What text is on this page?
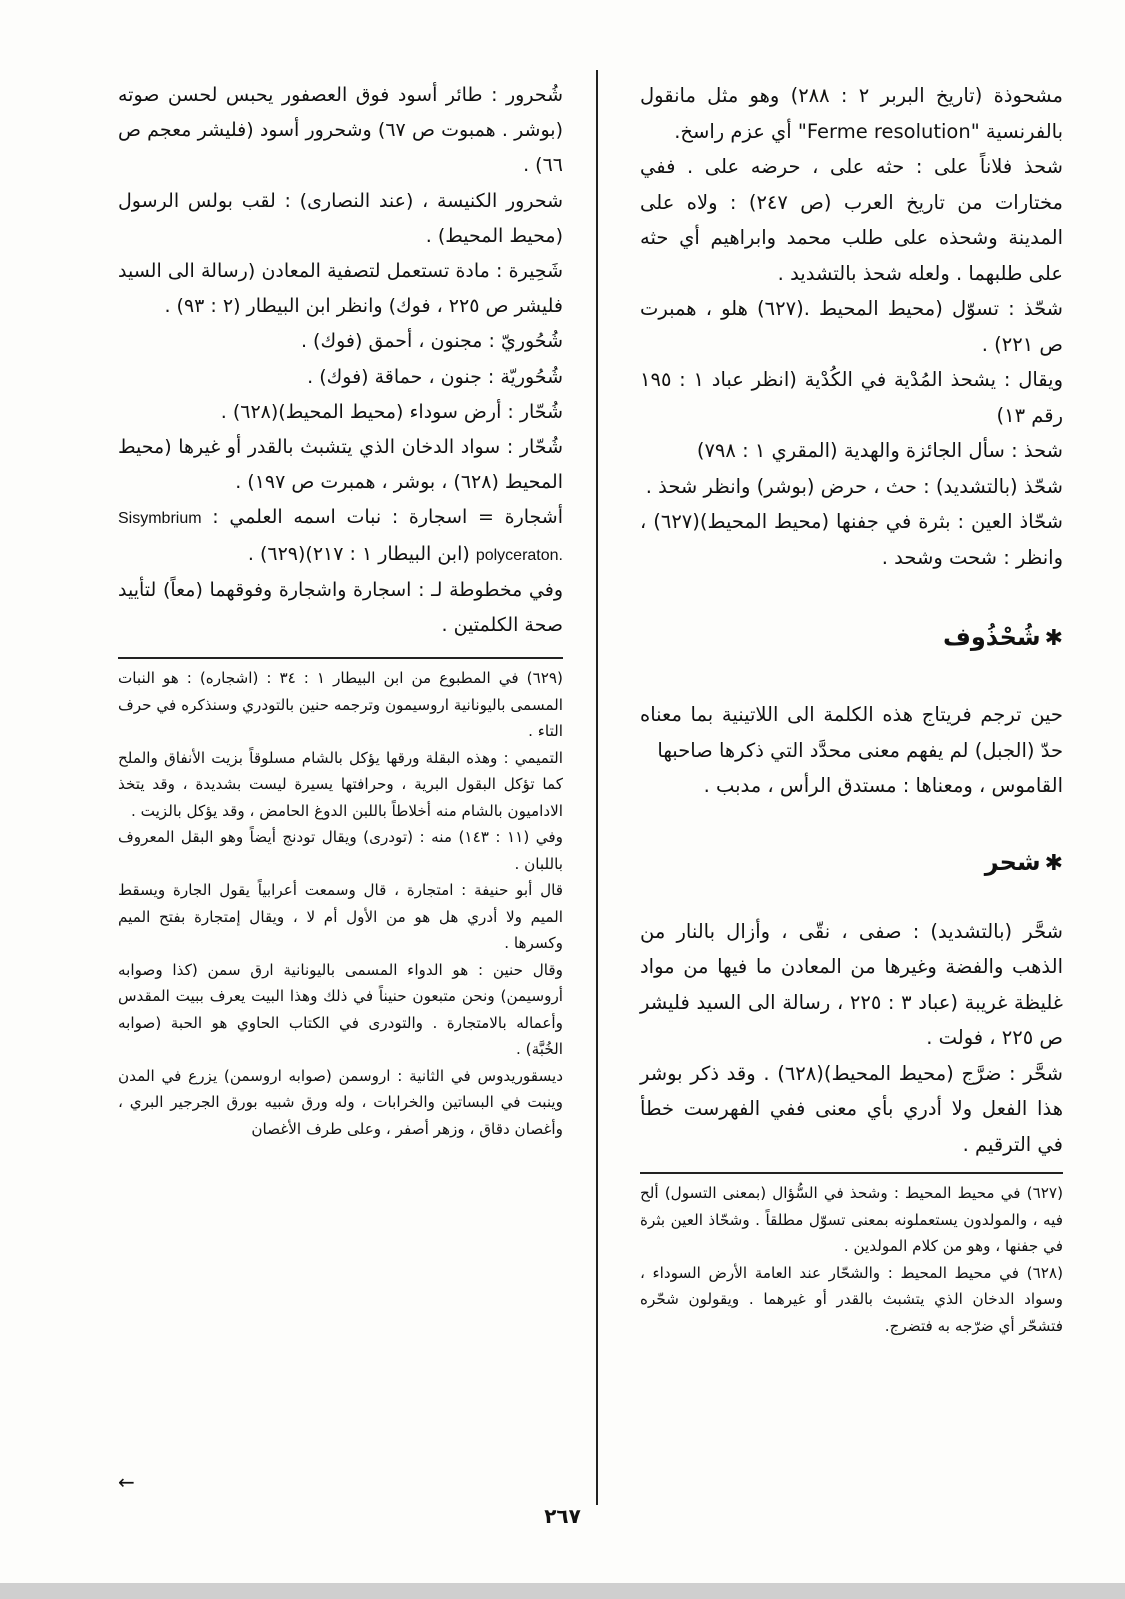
مشحوذة (تاريخ البربر ٢ : ٢٨٨) وهو مثل مانقول بالفرنسية "Ferme resolution" أي عزم راسخ.

شحذ فلاناً على : حثه على ، حرضه على . ففي مختارات من تاريخ العرب (ص ٢٤٧) : ولاه على المدينة وشحذه على طلب محمد وابراهيم أي حثه على طلبهما . ولعله شحذ بالتشديد .

شحّذ : تسوّل (محيط المحيط .(٦٢٧) هلو ، همبرت ص ٢٢١) .

ويقال : يشحذ المُدْية في الكُدْية (انظر عباد ١ : ١٩٥ رقم ١٣)

شحذ : سأل الجائزة والهدية (المقري ١ : ٧٩٨)

شحّذ (بالتشديد) : حث ، حرض (بوشر) وانظر شحذ .

شحّاذ العين : بثرة في جفنها (محيط المحيط)(٦٢٧) ، وانظر : شحت وشحد .

✱شُحْذُوف

حين ترجم فريتاج هذه الكلمة الى اللاتينية بما معناه حدّ (الجبل) لم يفهم معنى محدَّد التي ذكرها صاحبها

القاموس ، ومعناها : مستدق الرأس ، مدبب .

✱شحر

شحَّر (بالتشديد) : صفى ، نقّى ، وأزال بالنار من الذهب والفضة وغيرها من المعادن ما فيها من مواد غليظة غريبة (عباد ٣ : ٢٢٥ ، رسالة الى السيد فليشر ص ٢٢٥ ، فولت .

شحَّر : ضرَّج (محيط المحيط)(٦٢٨) . وقد ذكر بوشر هذا الفعل ولا أدري بأي معنى ففي الفهرست خطأ في الترقيم .

(٦٢٧) في محيط المحيط : وشحذ في السُّؤال (بمعنى التسول) ألح فيه ، والمولدون يستعملونه بمعنى تسوّل مطلقاً . وشحّاذ العين بثرة في جفنها ، وهو من كلام المولدين .

(٦٢٨) في محيط المحيط : والشحّار عند العامة الأرض السوداء ، وسواد الدخان الذي يتشبث بالقدر أو غيرهما . ويقولون شحّره فتشحّر أي ضرّجه به فتضرج.

شُحرور : طائر أسود فوق العصفور يحبس لحسن صوته (بوشر . همبوت ص ٦٧) وشحرور أسود (فليشر معجم ص ٦٦) .

شحرور الكنيسة ، (عند النصارى) : لقب بولس الرسول (محيط المحيط) .

شَحِيرة : مادة تستعمل لتصفية المعادن (رسالة الى السيد فليشر ص ٢٢٥ ، فوك) وانظر ابن البيطار (٢ : ٩٣) .

شُحُوريّ : مجنون ، أحمق (فوك) .

شُحُوريّة : جنون ، حماقة (فوك) .

شُحّار : أرض سوداء (محيط المحيط)(٦٢٨) .

شُحّار : سواد الدخان الذي يتشبث بالقدر أو غيرها (محيط المحيط (٦٢٨) ، بوشر ، همبرت ص ١٩٧) .

أشجارة = اسجارة : نبات اسمه العلمي : Sisymbrium polyceraton. (ابن البيطار ١ : ٢١٧)(٦٢٩) .

وفي مخطوطة لـ : اسجارة واشجارة وفوقهما (معاً) لتأييد صحة الكلمتين .

(٦٢٩) في المطبوع من ابن البيطار ١ : ٣٤ : (اشجاره) : هو النبات المسمى باليونانية اروسيمون وترجمه حنين بالتودري وسنذكره في حرف التاء .

التميمي : وهذه البقلة ورقها يؤكل بالشام مسلوقاً بزيت الأنفاق والملح كما تؤكل البقول البرية ، وحرافتها يسيرة ليست بشديدة ، وقد يتخذ الاداميون بالشام منه أخلاطاً باللبن الدوغ الحامض ، وقد يؤكل بالزيت .

وفي (١١ : ١٤٣) منه : (تودرى) ويقال تودنج أيضاً وهو البقل المعروف باللبان .

قال أبو حنيفة : امتجارة ، قال وسمعت أعرابياً يقول الجارة ويسقط الميم ولا أدري هل هو من الأول أم لا ، ويقال إمتجارة بفتح الميم وكسرها .

وقال حنين : هو الدواء المسمى باليونانية ارق سمن (كذا وصوابه أروسيمن) ونحن متبعون حنيناً في ذلك وهذا البيت يعرف ببيت المقدس وأعماله بالامتجارة . والتودرى في الكتاب الحاوي هو الحبة (صوابه الخُبَّة) .

ديسقوريدوس في الثانية : اروسمن (صوابه اروسمن) يزرع في المدن وينبت في البساتين والخرابات ، وله ورق شبيه بورق الجرجير البري ، وأغصان دقاق ، وزهر أصفر ، وعلى طرف الأغصان

←
٢٦٧
